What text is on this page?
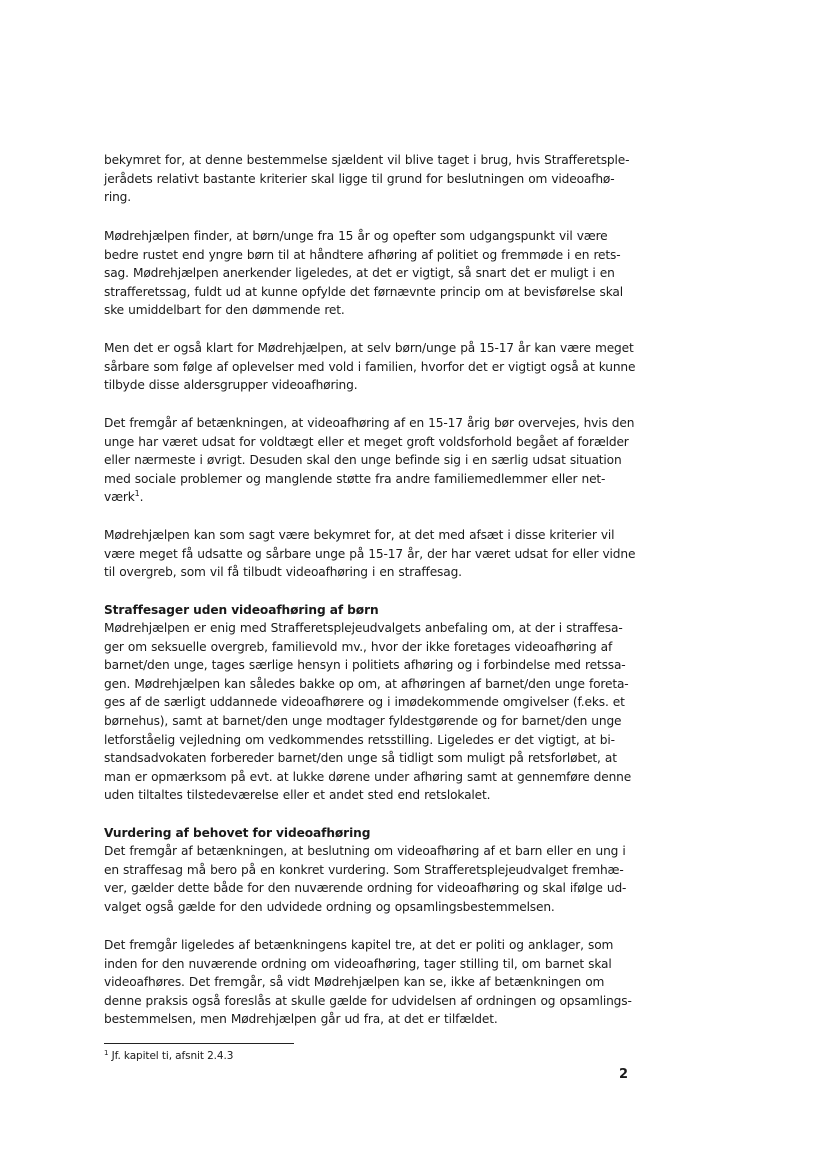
bekymret for, at denne bestemmelse sjældent vil blive taget i brug, hvis Strafferetsple-
jerådets relativt bastante kriterier skal ligge til grund for beslutningen om videoafhø-
ring.

Mødrehjælpen finder, at børn/unge fra 15 år og opefter som udgangspunkt vil være
bedre rustet end yngre børn til at håndtere afhøring af politiet og fremmøde i en rets-
sag. Mødrehjælpen anerkender ligeledes, at det er vigtigt, så snart det er muligt i en
strafferetssag, fuldt ud at kunne opfylde det førnævnte princip om at bevisførelse skal
ske umiddelbart for den dømmende ret.

Men det er også klart for Mødrehjælpen, at selv børn/unge på 15-17 år kan være meget
sårbare som følge af oplevelser med vold i familien, hvorfor det er vigtigt også at kunne
tilbyde disse aldersgrupper videoafhøring.

Det fremgår af betænkningen, at videoafhøring af en 15-17 årig bør overvejes, hvis den
unge har været udsat for voldtægt eller et meget groft voldsforhold begået af forælder
eller nærmeste i øvrigt. Desuden skal den unge befinde sig i en særlig udsat situation
med sociale problemer og manglende støtte fra andre familiemedlemmer eller net-
værk$^1$.

Mødrehjælpen kan som sagt være bekymret for, at det med afsæt i disse kriterier vil
være meget få udsatte og sårbare unge på 15-17 år, der har været udsat for eller vidne
til overgreb, som vil få tilbudt videoafhøring i en straffesag.

Straffesager uden videoafhøring af børn

Mødrehjælpen er enig med Strafferetsplejeudvalgets anbefaling om, at der i straffesa-
ger om seksuelle overgreb, familievold mv., hvor der ikke foretages videoafhøring af
barnet/den unge, tages særlige hensyn i politiets afhøring og i forbindelse med retssa-
gen. Mødrehjælpen kan således bakke op om, at afhøringen af barnet/den unge foreta-
ges af de særligt uddannede videoafhørere og i imødekommende omgivelser (f.eks. et
børnehus), samt at barnet/den unge modtager fyldestgørende og for barnet/den unge
letforståelig vejledning om vedkommendes retsstilling. Ligeledes er det vigtigt, at bi-
standsadvokaten forbereder barnet/den unge så tidligt som muligt på retsforløbet, at
man er opmærksom på evt. at lukke dørene under afhøring samt at gennemføre denne
uden tiltaltes tilstedeværelse eller et andet sted end retslokalet.

Vurdering af behovet for videoafhøring

Det fremgår af betænkningen, at beslutning om videoafhøring af et barn eller en ung i
en straffesag må bero på en konkret vurdering. Som Strafferetsplejeudvalget fremhæ-
ver, gælder dette både for den nuværende ordning for videoafhøring og skal ifølge ud-
valget også gælde for den udvidede ordning og opsamlingsbestemmelsen.

Det fremgår ligeledes af betænkningens kapitel tre, at det er politi og anklager, som
inden for den nuværende ordning om videoafhøring, tager stilling til, om barnet skal
videoafhøres. Det fremgår, så vidt Mødrehjælpen kan se, ikke af betænkningen om
denne praksis også foreslås at skulle gælde for udvidelsen af ordningen og opsamlings-
bestemmelsen, men Mødrehjælpen går ud fra, at det er tilfældet.

$^1$ Jf. kapitel ti, afsnit 2.4.3
2
